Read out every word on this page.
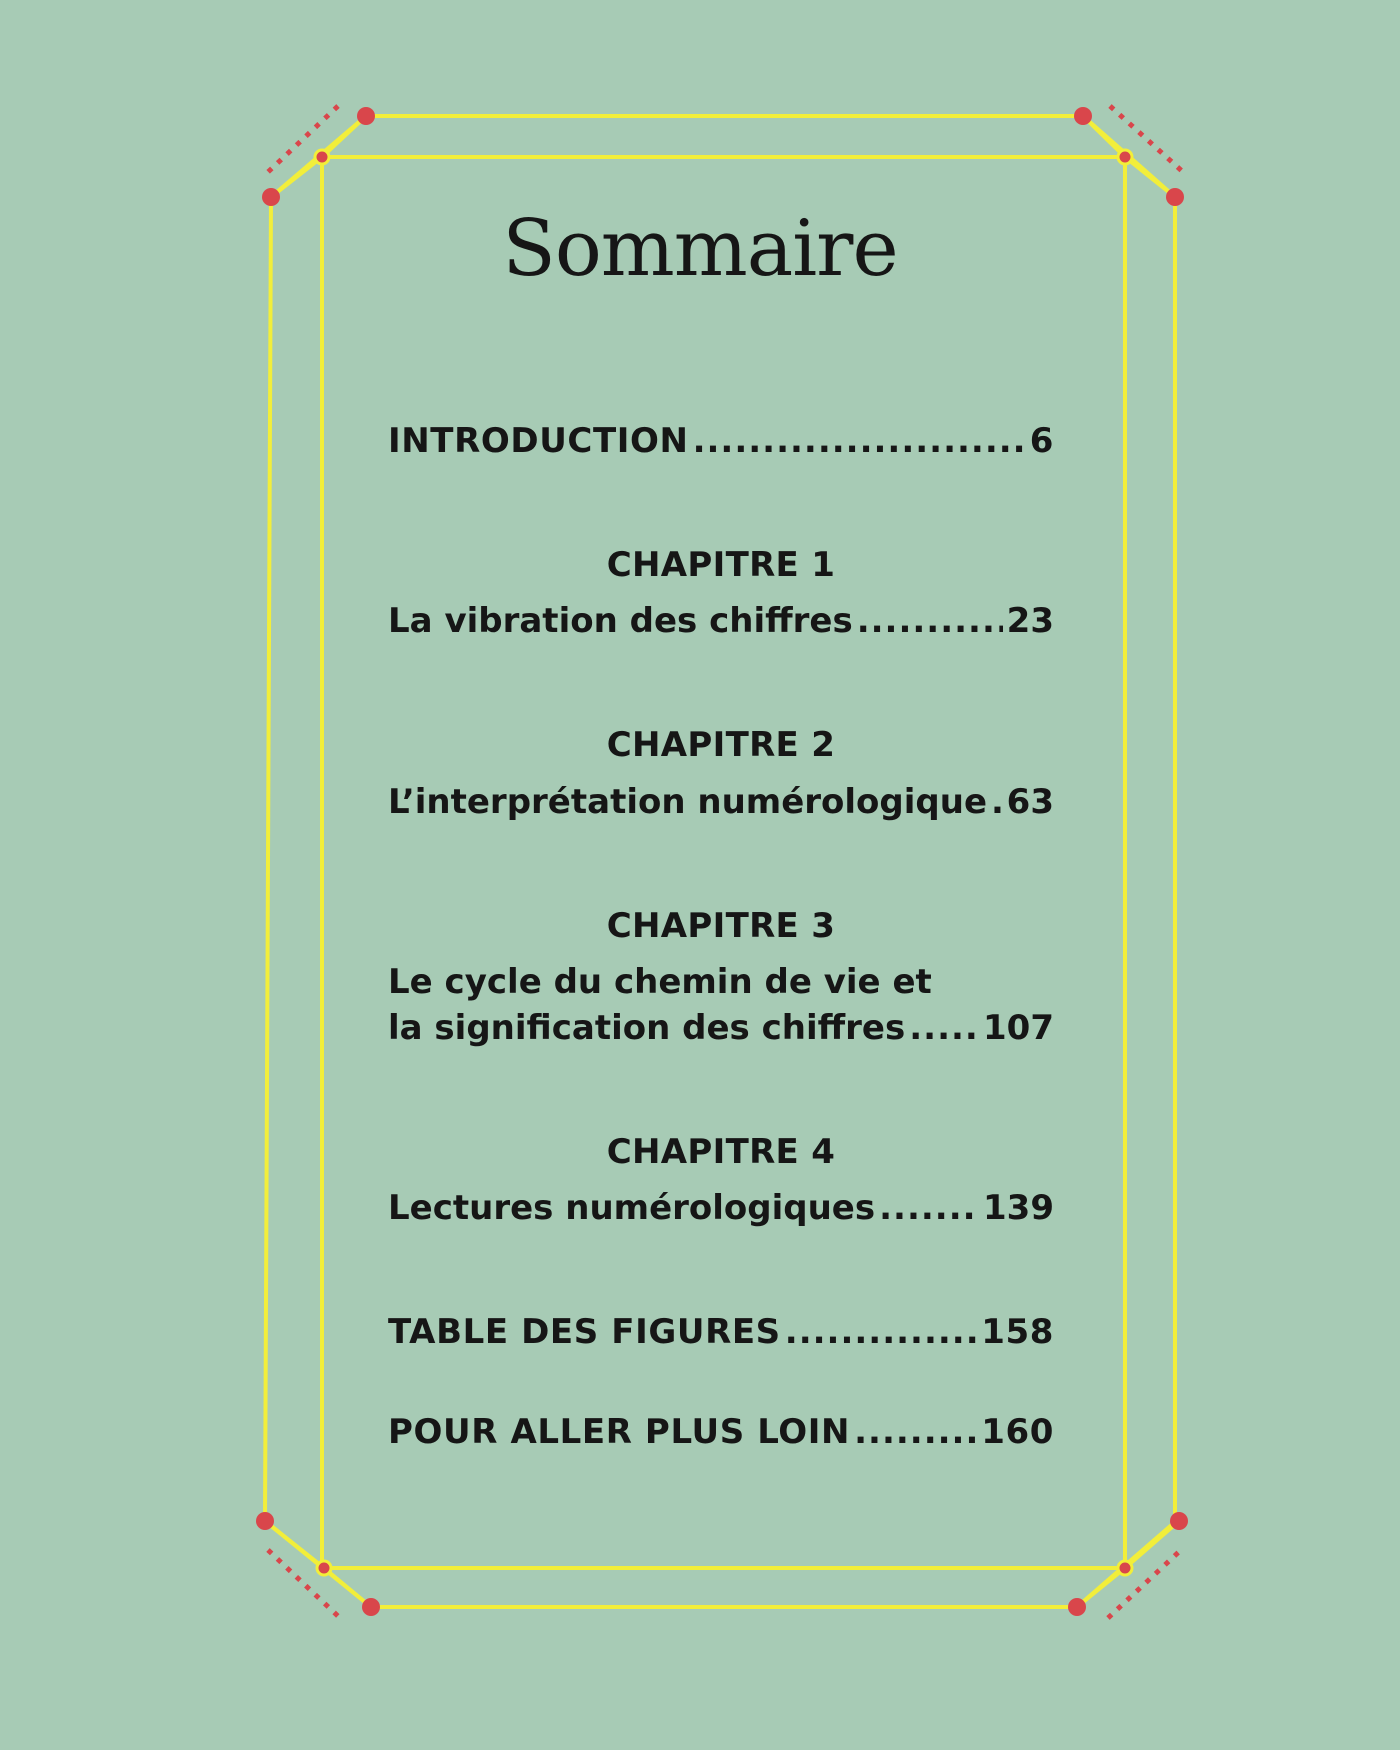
Sommaire
INTRODUCTION .....	6
CHAPITRE 1
La vibration des chiffres .....	23
CHAPITRE 2
L’interprétation numérologique ..... 63
CHAPITRE 3
Le cycle du chemin de vie et
la signification des chiffres ..... 107
CHAPITRE 4
Lectures numérologiques .....	139
TABLE DES FIGURES .....	158
POUR ALLER PLUS LOIN .....	160
